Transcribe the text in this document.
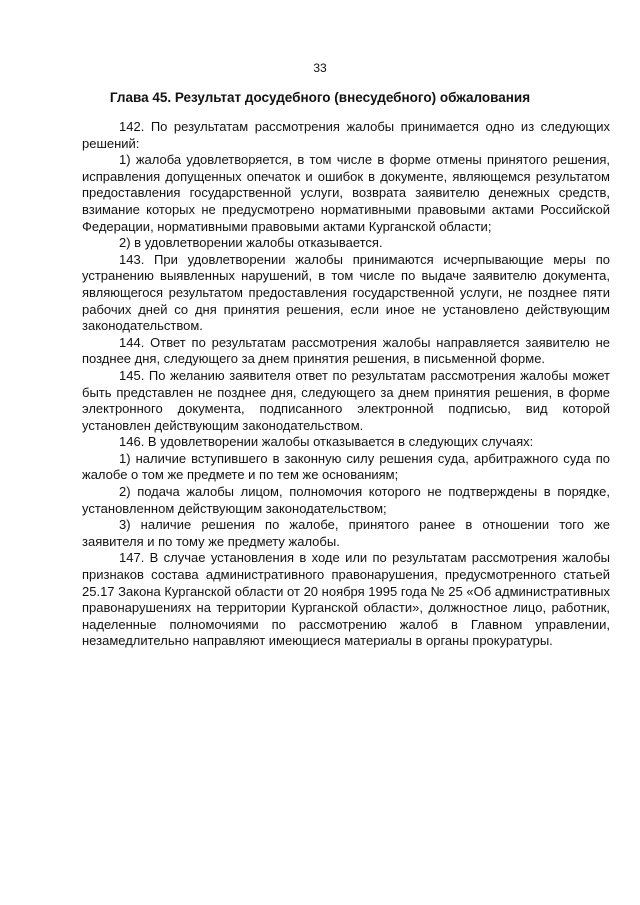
33
Глава 45. Результат досудебного (внесудебного) обжалования

142. По результатам рассмотрения жалобы принимается одно из следующих решений:

1) жалоба удовлетворяется, в том числе в форме отмены принятого решения, исправления допущенных опечаток и ошибок в документе, являющемся результатом предоставления государственной услуги, возврата заявителю денежных средств, взимание которых не предусмотрено нормативными правовыми актами Российской Федерации, нормативными правовыми актами Курганской области;

2) в удовлетворении жалобы отказывается.

143. При удовлетворении жалобы принимаются исчерпывающие меры по устранению выявленных нарушений, в том числе по выдаче заявителю документа, являющегося результатом предоставления государственной услуги, не позднее пяти рабочих дней со дня принятия решения, если иное не установлено действующим законодательством.

144. Ответ по результатам рассмотрения жалобы направляется заявителю не позднее дня, следующего за днем принятия решения, в письменной форме.

145. По желанию заявителя ответ по результатам рассмотрения жалобы может быть представлен не позднее дня, следующего за днем принятия решения, в форме электронного документа, подписанного электронной подписью, вид которой установлен действующим законодательством.

146. В удовлетворении жалобы отказывается в следующих случаях:

1) наличие вступившего в законную силу решения суда, арбитражного суда по жалобе о том же предмете и по тем же основаниям;

2) подача жалобы лицом, полномочия которого не подтверждены в порядке, установленном действующим законодательством;

3) наличие решения по жалобе, принятого ранее в отношении того же заявителя и по тому же предмету жалобы.

147. В случае установления в ходе или по результатам рассмотрения жалобы признаков состава административного правонарушения, предусмотренного статьей 25.17 Закона Курганской области от 20 ноября 1995 года № 25 «Об административных правонарушениях на территории Курганской области», должностное лицо, работник, наделенные полномочиями по рассмотрению жалоб в Главном управлении, незамедлительно направляют имеющиеся материалы в органы прокуратуры.
